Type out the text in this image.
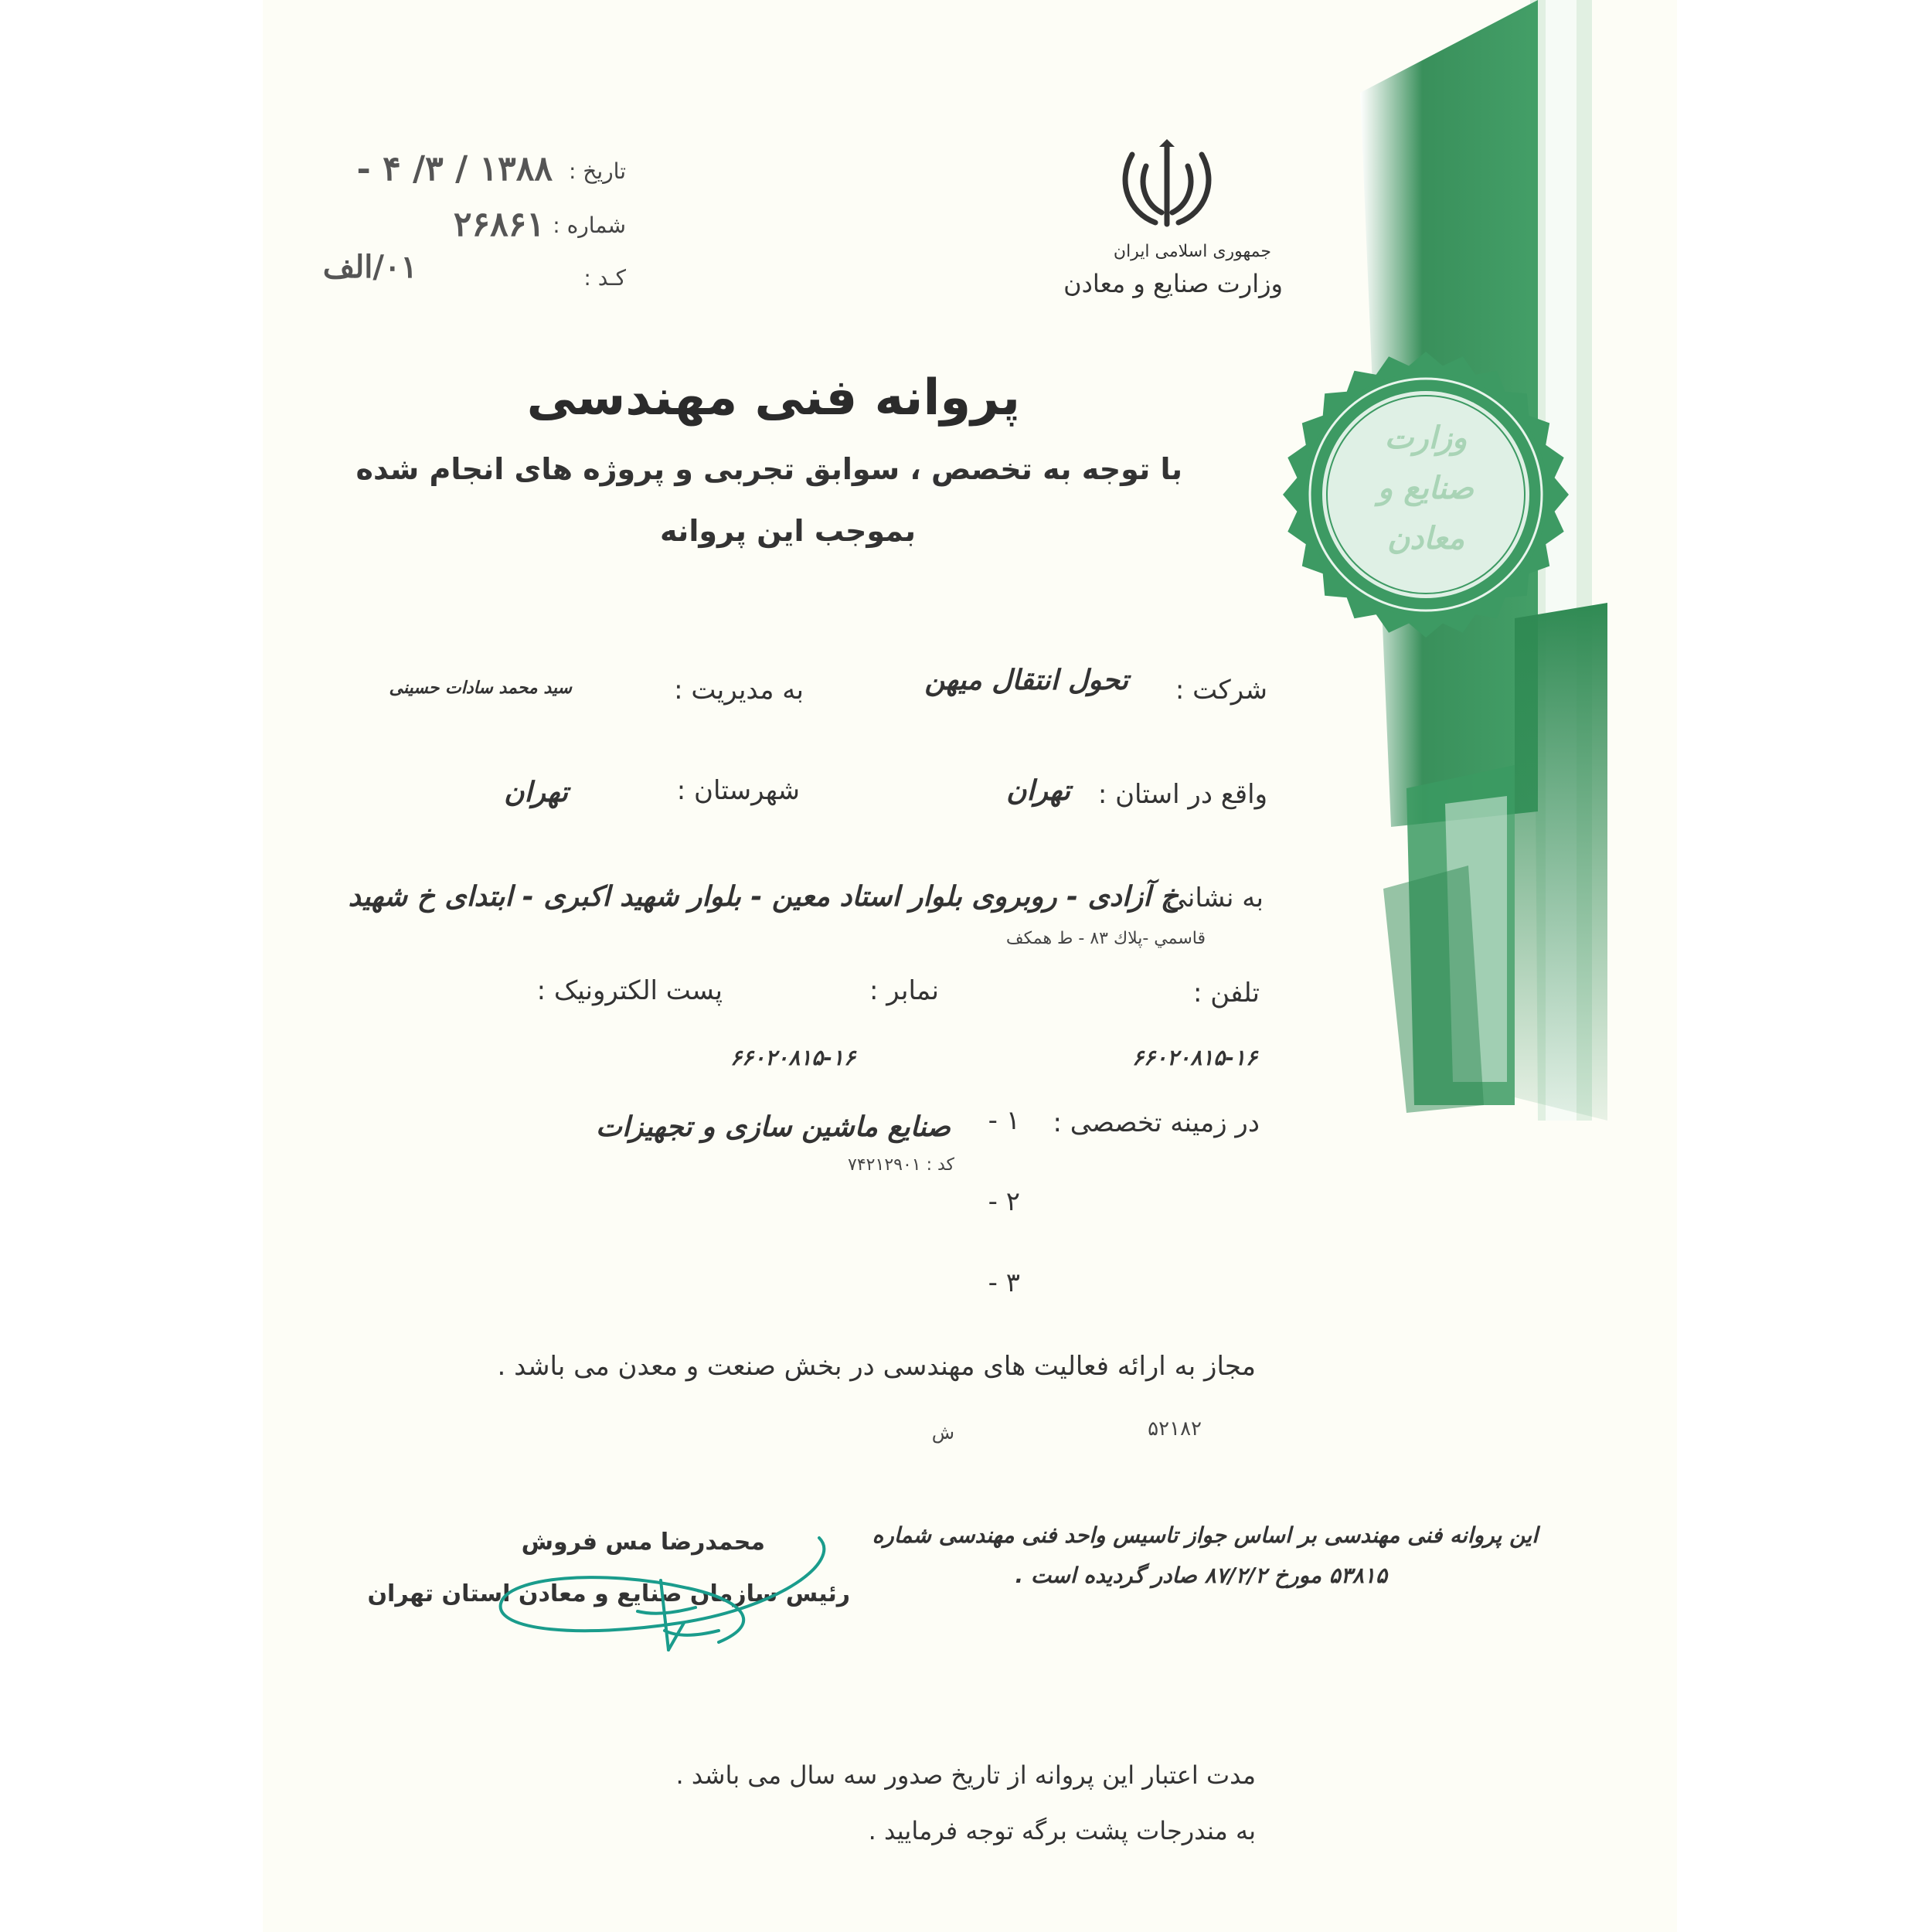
وزارت
صنایع و
معادن
جمهوری اسلامی ایران
وزارت صنایع و معادن
تاریخ :
۱۳۸۸ / ۳/ ۴ -
شماره :
۲۶۸۶۱
کـد :
۰۱/الف
پروانه فنی مهندسی
با توجه به تخصص ، سوابق تجربی و پروژه های انجام شده
بموجب این پروانه
شرکت :
تحول انتقال میهن
به مدیریت :
سید محمد سادات حسینی
واقع در استان :
تهران
شهرستان :
تهران
به نشانی
خ آزادی - روبروی بلوار استاد معین - بلوار شهید اکبری - ابتدای خ شهید
قاسمي -پلاك ۸۳ - ط همكف
تلفن :
نمابر :
پست الکترونیک :
۶۶۰۲۰۸۱۵-۱۶
۶۶۰۲۰۸۱۵-۱۶
در زمینه تخصصی :
۱ -
صنایع ماشین سازی و تجهیزات
کد : ۷۴۲۱۲۹۰۱
۲ -
۳ -
مجاز به ارائه فعالیت های مهندسی در بخش صنعت و معدن می باشد .
۵۲۱۸۲
ش
این پروانه فنی مهندسی بر اساس جواز تاسیس واحد فنی مهندسی شماره
۵۳۸۱۵ مورخ ۸۷/۲/۲ صادر گردیده است .
محمدرضا مس فروش
رئیس سازمان صنایع و معادن استان تهران
مدت اعتبار این پروانه از تاریخ صدور سه سال می باشد .
به مندرجات پشت برگه توجه فرمایید .
